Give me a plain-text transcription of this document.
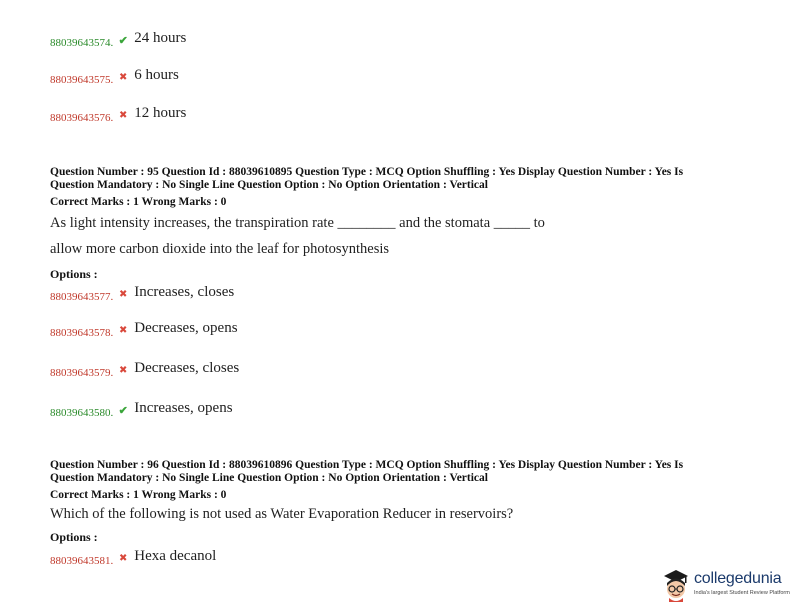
88039643574. ✔ 24 hours
88039643575. ✖ 6 hours
88039643576. ✖ 12 hours
Question Number : 95 Question Id : 88039610895 Question Type : MCQ Option Shuffling : Yes Display Question Number : Yes Is
Question Mandatory : No Single Line Question Option : No Option Orientation : Vertical
Correct Marks : 1 Wrong Marks : 0
As light intensity increases, the transpiration rate ________ and the stomata _____ to
allow more carbon dioxide into the leaf for photosynthesis
Options :
88039643577. ✖ Increases, closes
88039643578. ✖ Decreases, opens
88039643579. ✖ Decreases, closes
88039643580. ✔ Increases, opens
Question Number : 96 Question Id : 88039610896 Question Type : MCQ Option Shuffling : Yes Display Question Number : Yes Is
Question Mandatory : No Single Line Question Option : No Option Orientation : Vertical
Correct Marks : 1 Wrong Marks : 0
Which of the following is not used as Water Evaporation Reducer in reservoirs?
Options :
88039643581. ✖ Hexa decanol
collegedunia
India's largest Student Review Platform
